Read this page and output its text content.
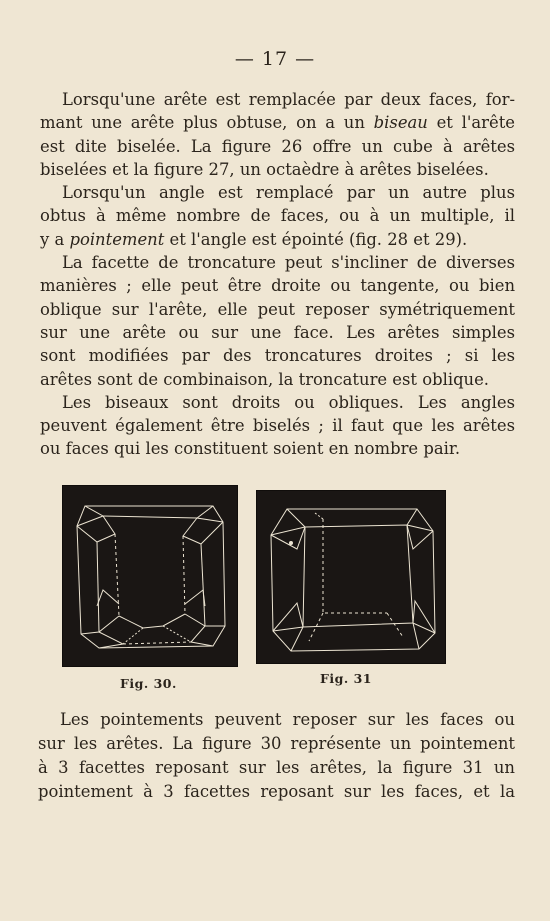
— 17 —
Lorsqu'une arête est remplacée par deux faces, for-
mant une arête plus obtuse, on a un biseau et l'arête
est dite biselée. La figure 26 offre un cube à arêtes
biselées et la figure 27, un octaèdre à arêtes biselées.
Lorsqu'un angle est remplacé par un autre plus
obtus à même nombre de faces, ou à un multiple, il
y a pointement et l'angle est épointé (fig. 28 et 29).
La facette de troncature peut s'incliner de diverses
manières ; elle peut être droite ou tangente, ou bien
oblique sur l'arête, elle peut reposer symétriquement
sur une arête ou sur une face. Les arêtes simples
sont modifiées par des troncatures droites ; si les
arêtes sont de combinaison, la troncature est oblique.
Les biseaux sont droits ou obliques. Les angles
peuvent également être biselés ; il faut que les arêtes
ou faces qui les constituent soient en nombre pair.
Fig. 30.	Fig. 31
Les pointements peuvent reposer sur les faces ou
sur les arêtes. La figure 30 représente un pointement
à 3 facettes reposant sur les arêtes, la figure 31 un
pointement à 3 facettes reposant sur les faces, et la
